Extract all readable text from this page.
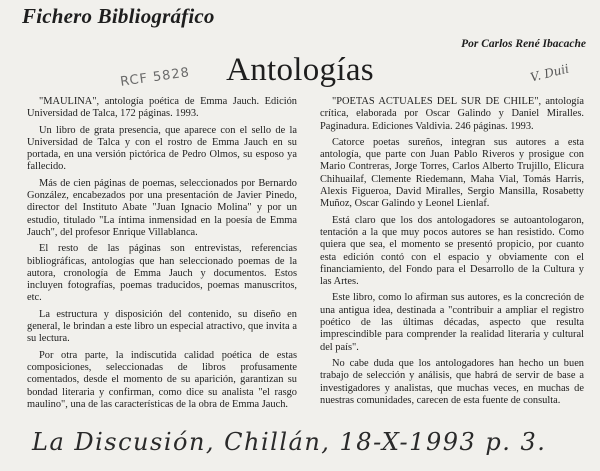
Fichero Bibliográfico
Por Carlos René Ibacache
RCF 5828	V. Duii
Antologías

"MAULINA", antología poética de Emma Jauch. Edición Universidad de Talca, 172 páginas. 1993.

Un libro de grata presencia, que aparece con el sello de la Universidad de Talca y con el rostro de Emma Jauch en su portada, en una versión pictórica de Pedro Olmos, su esposo ya fallecido.

Más de cien páginas de poemas, seleccionados por Bernardo González, encabezados por una presentación de Javier Pinedo, director del Instituto Abate "Juan Ignacio Molina" y por un estudio, titulado "La íntima inmensidad en la poesía de Emma Jauch", del profesor Enrique Villablanca.

El resto de las páginas son entrevistas, referencias bibliográficas, antologías que han seleccionado poemas de la autora, cronología de Emma Jauch y documentos. Estos incluyen fotografías, poemas traducidos, poemas manuscritos, etc.

La estructura y disposición del contenido, su diseño en general, le brindan a este libro un especial atractivo, que invita a su lectura.

Por otra parte, la indiscutida calidad poética de estas composiciones, seleccionadas de libros profusamente comentados, desde el momento de su aparición, garantizan su bondad literaria y confirman, como dice su analista "el rasgo maulino", una de las características de la obra de Emma Jauch.

"POETAS ACTUALES DEL SUR DE CHILE", antología crítica, elaborada por Oscar Galindo y Daniel Miralles. Paginadura. Ediciones Valdivia. 246 páginas. 1993.

Catorce poetas sureños, integran sus autores a esta antología, que parte con Juan Pablo Riveros y prosigue con Mario Contreras, Jorge Torres, Carlos Alberto Trujillo, Elicura Chihuailaf, Clemente Riedemann, Maha Vial, Tomás Harris, Alexis Figueroa, David Miralles, Sergio Mansilla, Rosabetty Muñoz, Oscar Galindo y Leonel Lienlaf.

Está claro que los dos antologadores se autoantologaron, tentación a la que muy pocos autores se han resistido. Como quiera que sea, el momento se presentó propicio, por cuanto esta edición contó con el espacio y obviamente con el financiamiento, del Fondo para el Desarrollo de la Cultura y las Artes.

Este libro, como lo afirman sus autores, es la concreción de una antigua idea, destinada a "contribuir a ampliar el registro poético de las últimas décadas, aspecto que resulta imprescindible para comprender la realidad literaria y cultural del país".

No cabe duda que los antologadores han hecho un buen trabajo de selección y análisis, que habrá de servir de base a investigadores y analistas, que muchas veces, en muchas de nuestras comunidades, carecen de esta fuente de consulta.

La Discusión, Chillán, 18-X-1993 p. 3.
